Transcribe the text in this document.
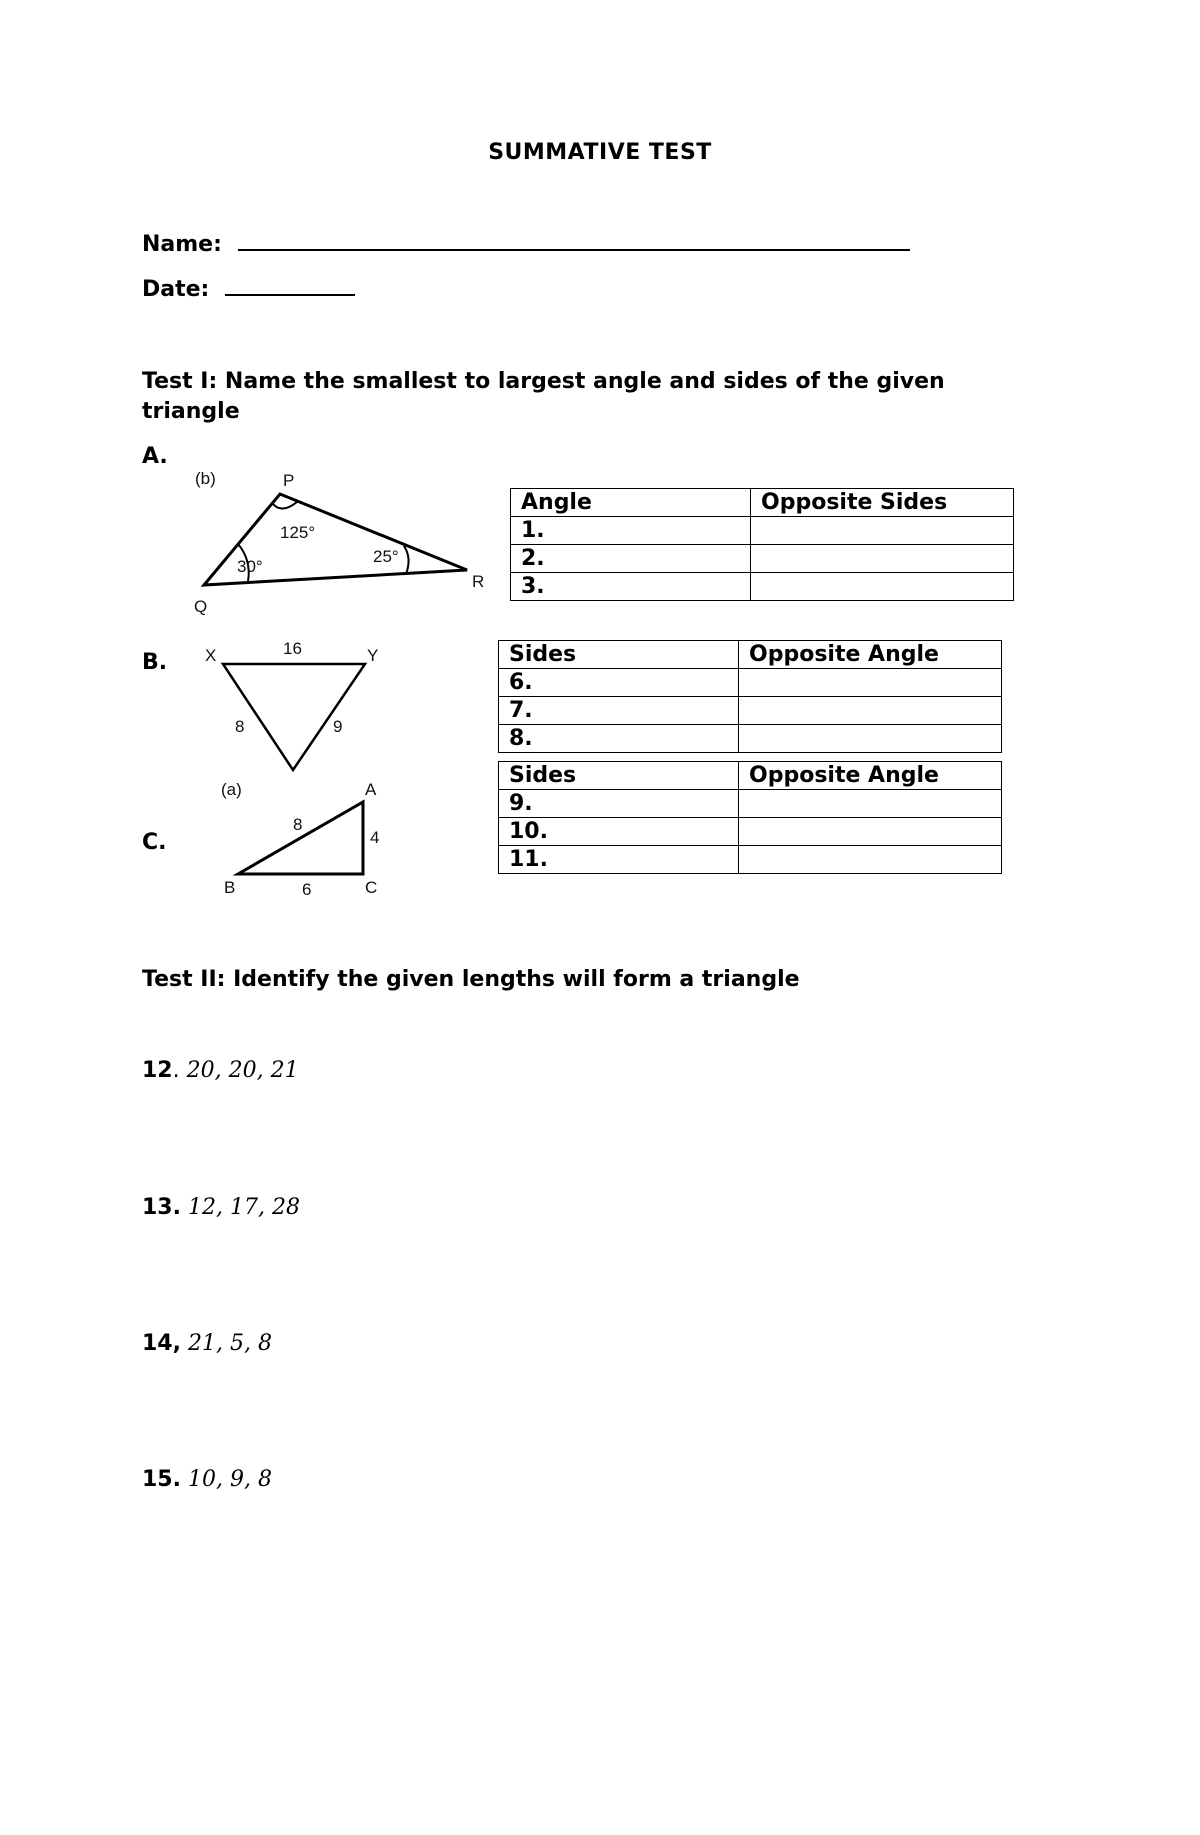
SUMMATIVE TEST
Name:
Date:
Test I: Name the smallest to largest angle and sides of the given triangle
A.
(b)	P
Q
R
125°
30°
25°
Angle	Opposite Sides
1.	
2.	
3.	
B. X	Y
16
8	9
Sides	Opposite Angle
6.	
7.	
8.	
C.
(a)	A
B	C
8
4
6
Sides	Opposite Angle
9.	
10.	
11.	
Test II: Identify the given lengths will form a triangle
12. 20, 20, 21
13. 12, 17, 28
14, 21, 5, 8
15. 10, 9, 8
